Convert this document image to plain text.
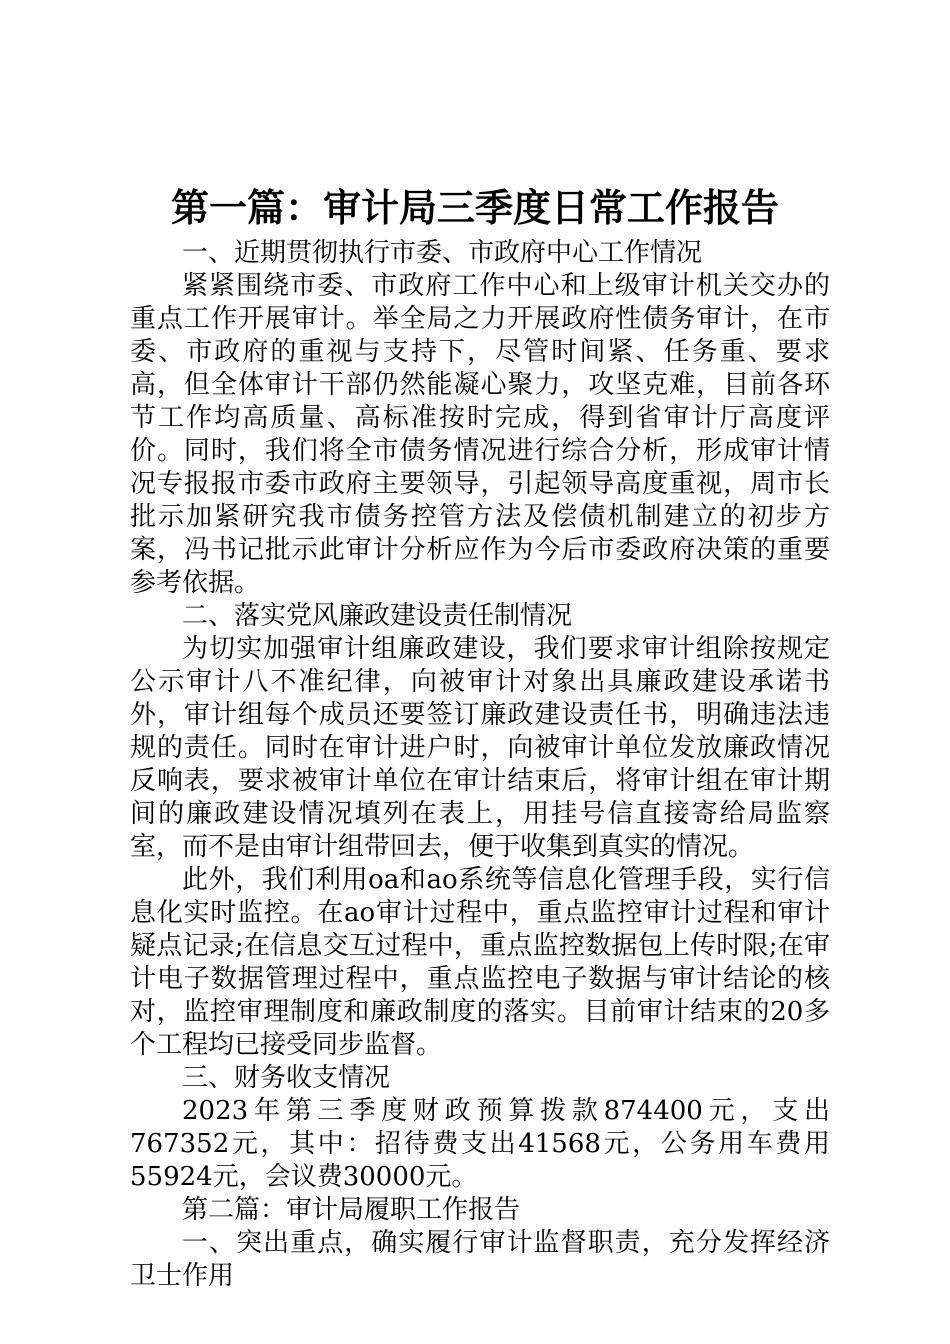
第一篇：审计局三季度日常工作报告

一、近期贯彻执行市委、市政府中心工作情况

紧紧围绕市委、市政府工作中心和上级审计机关交办的重点工作开展审计。举全局之力开展政府性债务审计，在市委、市政府的重视与支持下，尽管时间紧、任务重、要求高，但全体审计干部仍然能凝心聚力，攻坚克难，目前各环节工作均高质量、高标准按时完成，得到省审计厅高度评价。同时，我们将全市债务情况进行综合分析，形成审计情况专报报市委市政府主要领导，引起领导高度重视，周市长批示加紧研究我市债务控管方法及偿债机制建立的初步方案，冯书记批示此审计分析应作为今后市委政府决策的重要参考依据。

二、落实党风廉政建设责任制情况

为切实加强审计组廉政建设，我们要求审计组除按规定公示审计八不准纪律，向被审计对象出具廉政建设承诺书外，审计组每个成员还要签订廉政建设责任书，明确违法违规的责任。同时在审计进户时，向被审计单位发放廉政情况反响表，要求被审计单位在审计结束后，将审计组在审计期间的廉政建设情况填列在表上，用挂号信直接寄给局监察室，而不是由审计组带回去，便于收集到真实的情况。

此外，我们利用oa和ao系统等信息化管理手段，实行信息化实时监控。在ao审计过程中，重点监控审计过程和审计疑点记录;在信息交互过程中，重点监控数据包上传时限;在审计电子数据管理过程中，重点监控电子数据与审计结论的核对，监控审理制度和廉政制度的落实。目前审计结束的20多个工程均已接受同步监督。

三、财务收支情况

2023年第三季度财政预算拨款874400元，支出767352元，其中：招待费支出41568元，公务用车费用55924元，会议费30000元。

第二篇：审计局履职工作报告

一、突出重点，确实履行审计监督职责，充分发挥经济卫士作用
